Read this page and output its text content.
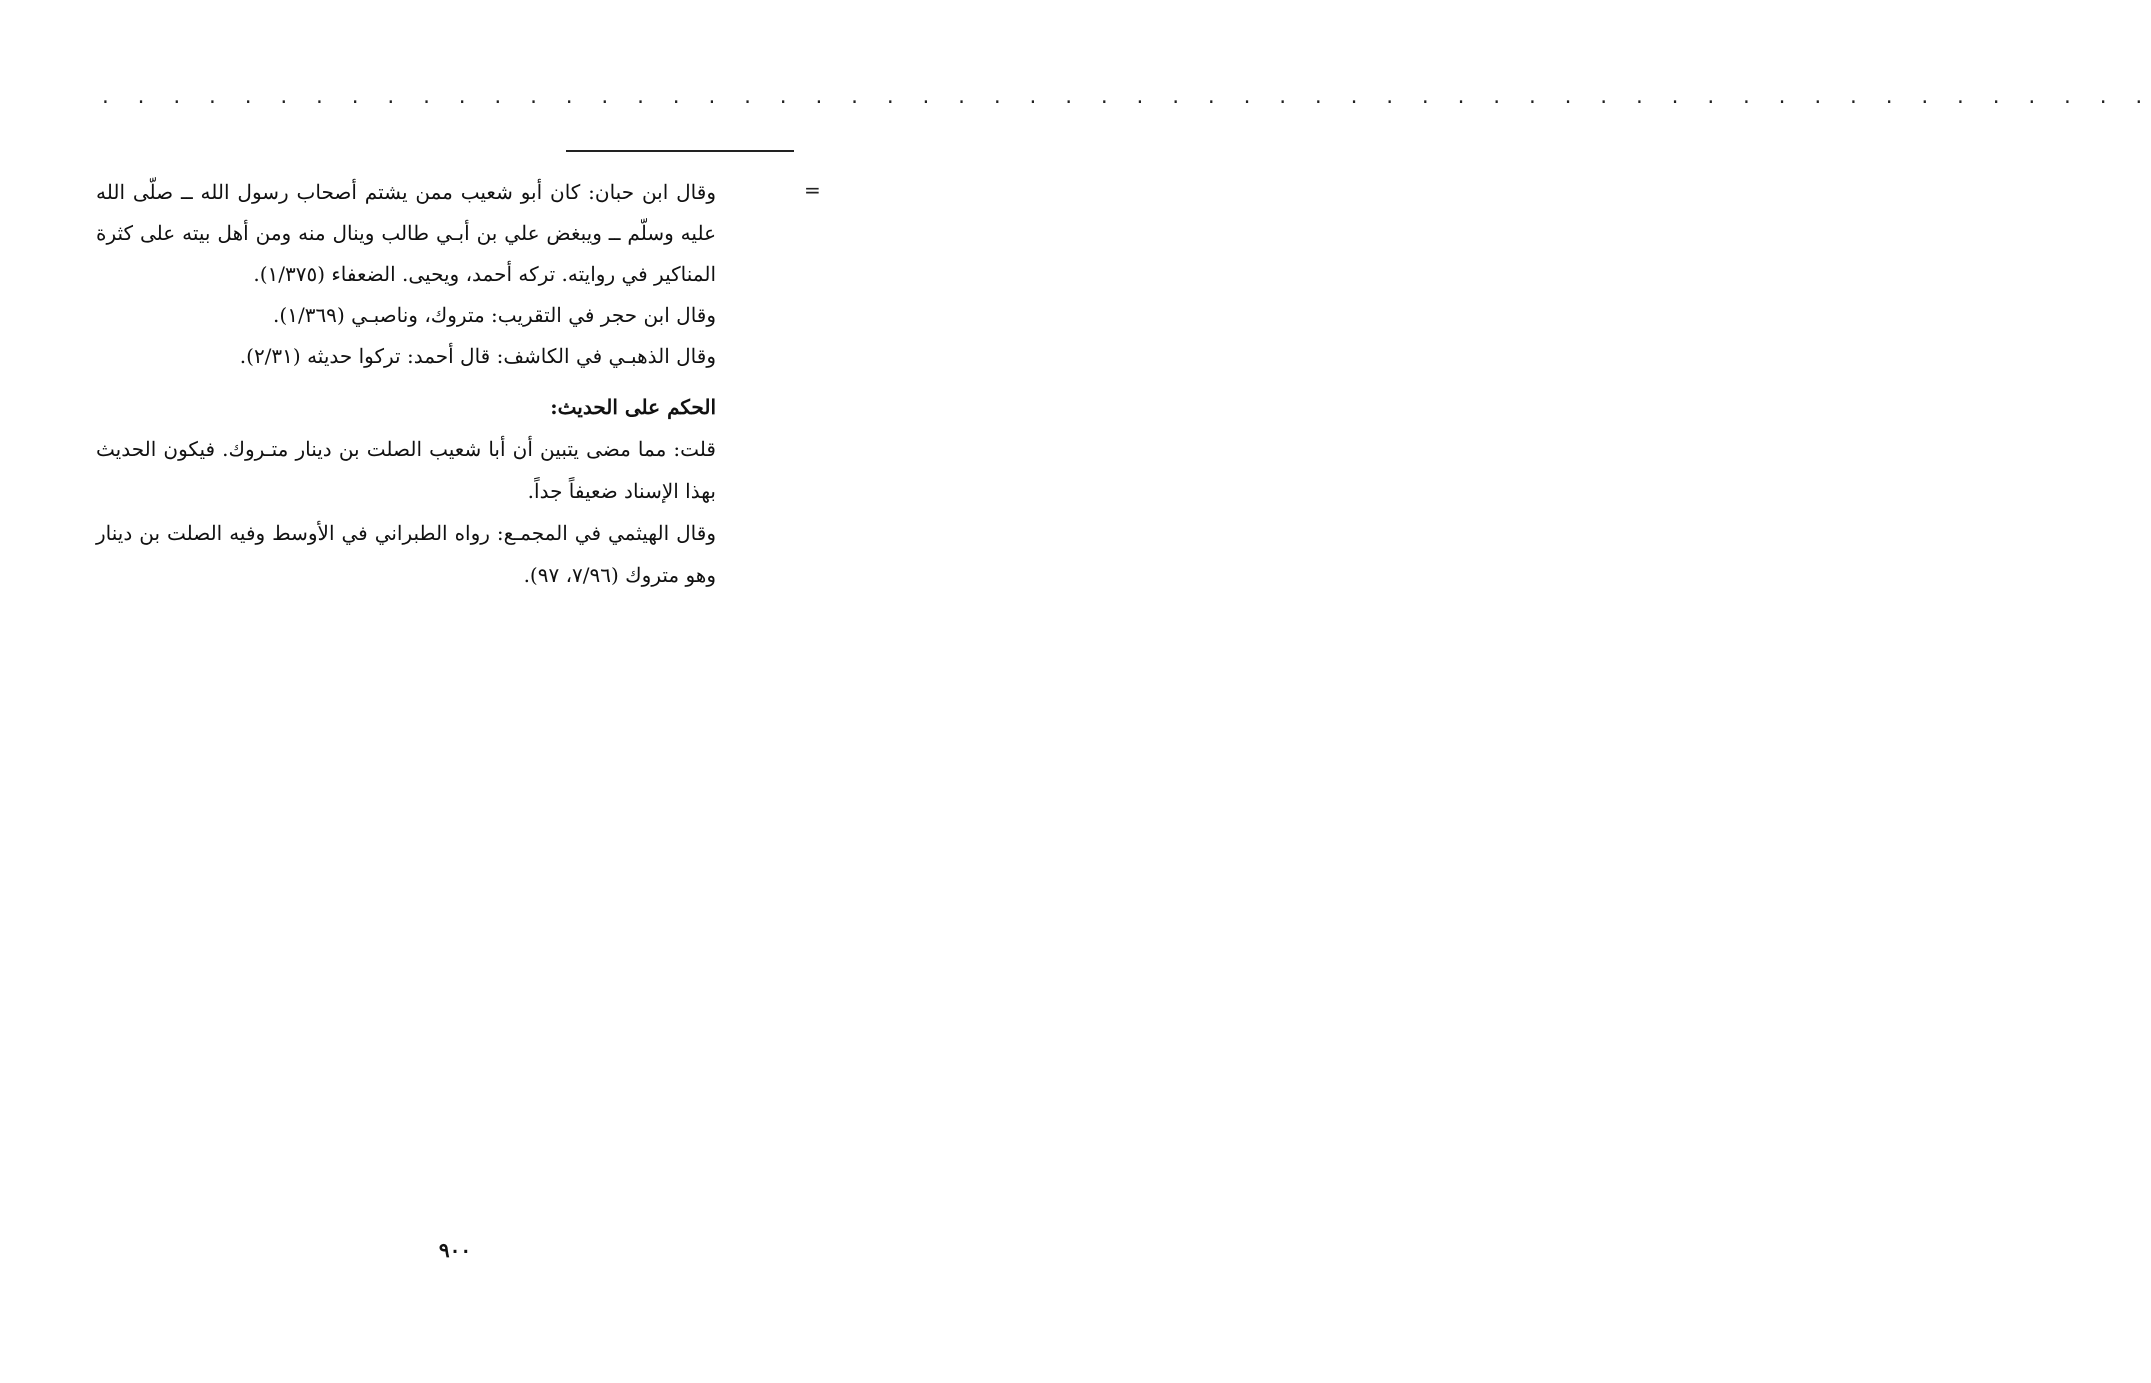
. . . . . . . . . . . . . . . . . . . . . . . . . . . . . . . . . . . . . . . . . . . . . . . . . . . . . . . . . .
=

وقال ابن حبان: كان أبو شعيب ممن يشتم أصحاب رسول الله ــ صلّى الله عليه وسلّم ــ ويبغض علي بن أبـي طالب وينال منه ومن أهل بيته على كثرة المناكير في روايته. تركه أحمد، ويحيى. الضعفاء (١/٣٧٥).

وقال ابن حجر في التقريب: متروك، وناصبـي (١/٣٦٩).

وقال الذهبـي في الكاشف: قال أحمد: تركوا حديثه (٢/٣١).

الحكم على الحديث:

قلت: مما مضى يتبين أن أبا شعيب الصلت بن دينار متـروك. فيكون الحديث بهذا الإسناد ضعيفاً جداً.

وقال الهيثمي في المجمـع: رواه الطبراني في الأوسط وفيه الصلت بن دينار وهو متروك (٧/٩٦، ٩٧).

٩٠٠
